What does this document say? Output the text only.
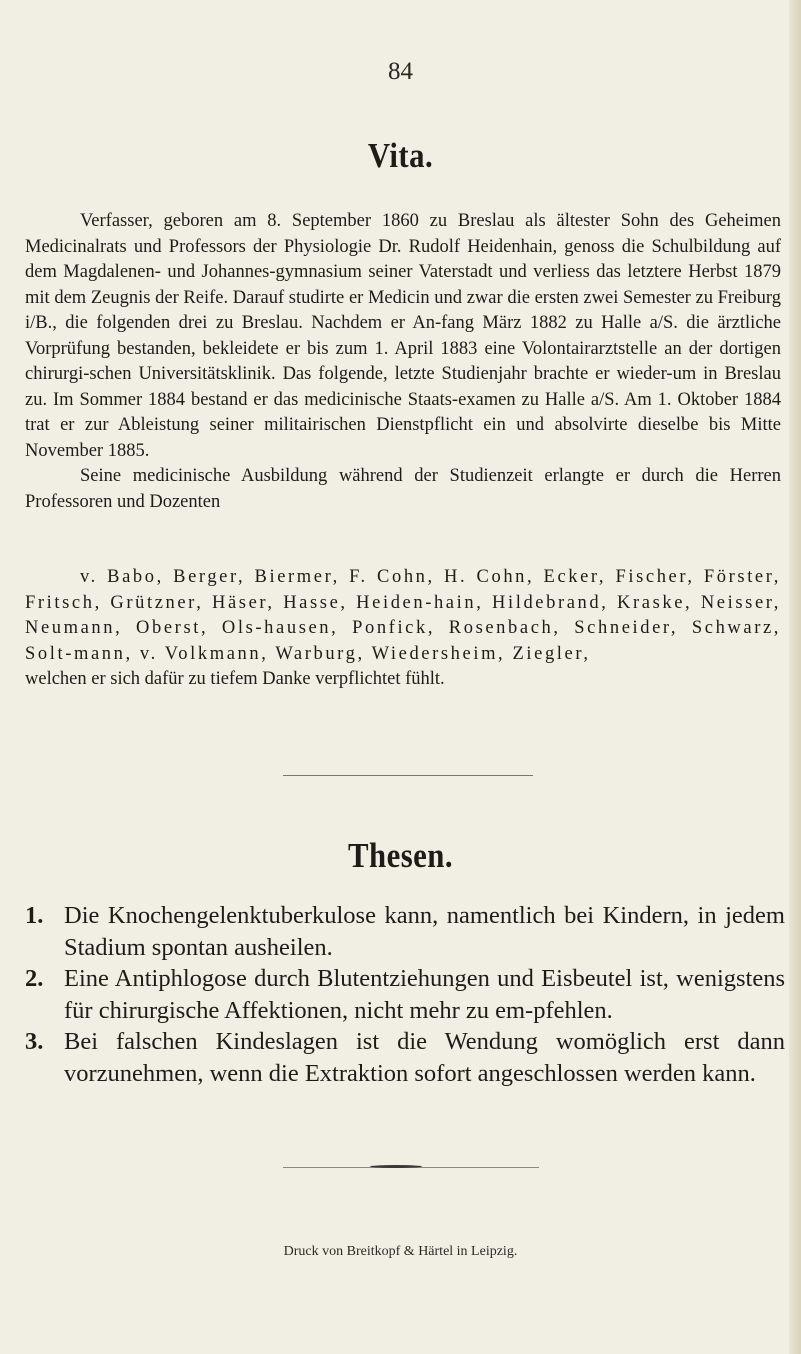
84
Vita.

Verfasser, geboren am 8. September 1860 zu Breslau als ältester Sohn des Geheimen Medicinalrats und Professors der Physiologie Dr. Rudolf Heidenhain, genoss die Schulbildung auf dem Magdalenen- und Johannes-gymnasium seiner Vaterstadt und verliess das letztere Herbst 1879 mit dem Zeugnis der Reife. Darauf studirte er Medicin und zwar die ersten zwei Semester zu Freiburg i/B., die folgenden drei zu Breslau. Nachdem er An-fang März 1882 zu Halle a/S. die ärztliche Vorprüfung bestanden, bekleidete er bis zum 1. April 1883 eine Volontairarztstelle an der dortigen chirurgi-schen Universitätsklinik. Das folgende, letzte Studienjahr brachte er wieder-um in Breslau zu. Im Sommer 1884 bestand er das medicinische Staats-examen zu Halle a/S. Am 1. Oktober 1884 trat er zur Ableistung seiner militairischen Dienstpflicht ein und absolvirte dieselbe bis Mitte November 1885.

Seine medicinische Ausbildung während der Studienzeit erlangte er durch die Herren Professoren und Dozenten

v. Babo, Berger, Biermer, F. Cohn, H. Cohn, Ecker, Fischer, Förster, Fritsch, Grützner, Häser, Hasse, Heiden-hain, Hildebrand, Kraske, Neisser, Neumann, Oberst, Ols-hausen, Ponfick, Rosenbach, Schneider, Schwarz, Solt-mann, v. Volkmann, Warburg, Wiedersheim, Ziegler,

welchen er sich dafür zu tiefem Danke verpflichtet fühlt.

Thesen.
1. Die Knochengelenktuberkulose kann, namentlich bei Kindern, in jedem Stadium spontan ausheilen.
2. Eine Antiphlogose durch Blutentziehungen und Eisbeutel ist, wenigstens für chirurgische Affektionen, nicht mehr zu em-pfehlen.
3. Bei falschen Kindeslagen ist die Wendung womöglich erst dann vorzunehmen, wenn die Extraktion sofort angeschlossen werden kann.
Druck von Breitkopf & Härtel in Leipzig.
